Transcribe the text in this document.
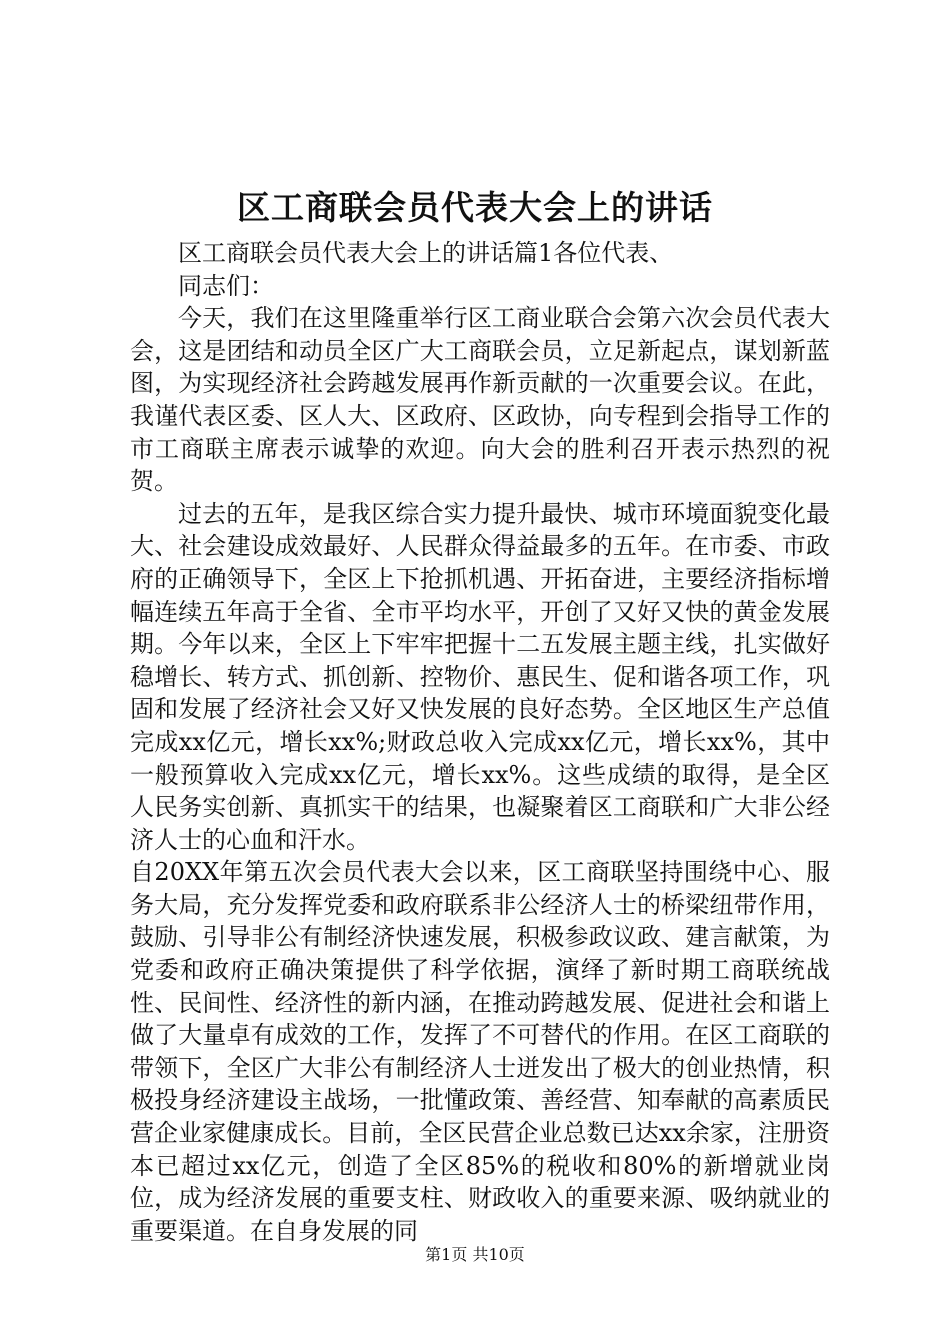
区工商联会员代表大会上的讲话

区工商联会员代表大会上的讲话篇1各位代表、

同志们：

今天，我们在这里隆重举行区工商业联合会第六次会员代表大会，这是团结和动员全区广大工商联会员，立足新起点，谋划新蓝图，为实现经济社会跨越发展再作新贡献的一次重要会议。在此，我谨代表区委、区人大、区政府、区政协，向专程到会指导工作的市工商联主席表示诚挚的欢迎。向大会的胜利召开表示热烈的祝贺。

过去的五年，是我区综合实力提升最快、城市环境面貌变化最大、社会建设成效最好、人民群众得益最多的五年。在市委、市政府的正确领导下，全区上下抢抓机遇、开拓奋进，主要经济指标增幅连续五年高于全省、全市平均水平，开创了又好又快的黄金发展期。今年以来，全区上下牢牢把握十二五发展主题主线，扎实做好稳增长、转方式、抓创新、控物价、惠民生、促和谐各项工作，巩固和发展了经济社会又好又快发展的良好态势。全区地区生产总值完成xx亿元，增长xx%;财政总收入完成xx亿元，增长xx%，其中一般预算收入完成xx亿元，增长xx%。这些成绩的取得，是全区人民务实创新、真抓实干的结果，也凝聚着区工商联和广大非公经济人士的心血和汗水。

自20XX年第五次会员代表大会以来，区工商联坚持围绕中心、服务大局，充分发挥党委和政府联系非公经济人士的桥梁纽带作用，鼓励、引导非公有制经济快速发展，积极参政议政、建言献策，为党委和政府正确决策提供了科学依据，演绎了新时期工商联统战性、民间性、经济性的新内涵，在推动跨越发展、促进社会和谐上做了大量卓有成效的工作，发挥了不可替代的作用。在区工商联的带领下，全区广大非公有制经济人士迸发出了极大的创业热情，积极投身经济建设主战场，一批懂政策、善经营、知奉献的高素质民营企业家健康成长。目前，全区民营企业总数已达xx余家，注册资本已超过xx亿元，创造了全区85%的税收和80%的新增就业岗位，成为经济发展的重要支柱、财政收入的重要来源、吸纳就业的重要渠道。在自身发展的同

第1页 共10页
